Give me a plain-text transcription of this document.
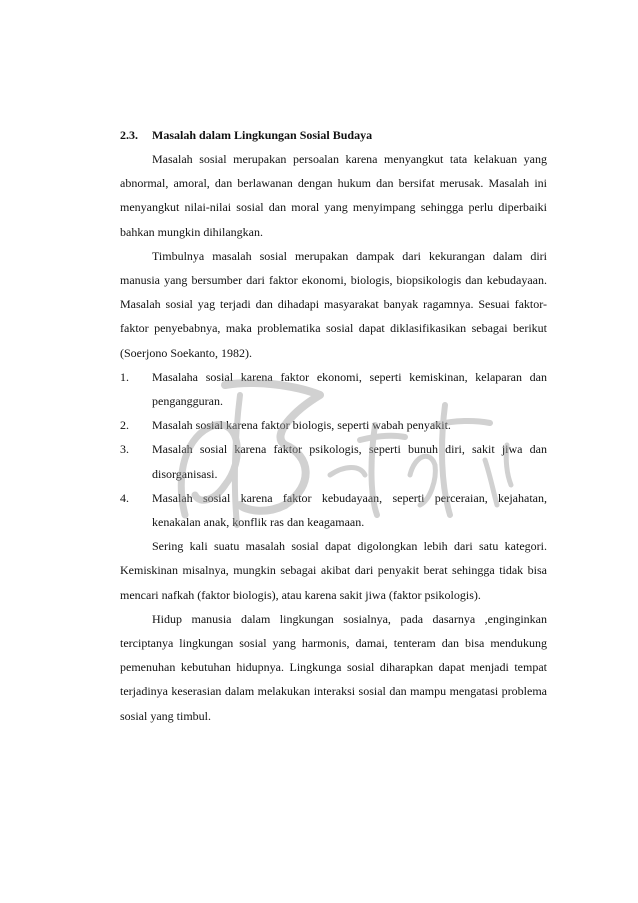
2.3.	Masalah dalam Lingkungan Sosial Budaya

Masalah sosial merupakan persoalan karena menyangkut tata kelakuan yang abnormal, amoral, dan berlawanan dengan hukum dan bersifat merusak. Masalah ini menyangkut nilai-nilai sosial dan moral yang menyimpang sehingga perlu diperbaiki bahkan mungkin dihilangkan.

Timbulnya masalah sosial merupakan dampak dari kekurangan dalam diri manusia yang bersumber dari faktor ekonomi, biologis, biopsikologis dan kebudayaan. Masalah sosial yag terjadi dan dihadapi masyarakat banyak ragamnya. Sesuai faktor-faktor penyebabnya, maka problematika sosial dapat diklasifikasikan sebagai berikut (Soerjono Soekanto, 1982).

1.	Masalaha sosial karena faktor ekonomi, seperti kemiskinan, kelaparan dan pengangguran.
2.	Masalah sosial karena faktor biologis, seperti wabah penyakit.
3.	Masalah sosial karena faktor psikologis, seperti bunuh diri, sakit jiwa dan disorganisasi.
4.	Masalah sosial karena faktor kebudayaan, seperti perceraian, kejahatan, kenakalan anak, konflik ras dan keagamaan.

Sering kali suatu masalah sosial dapat digolongkan lebih dari satu kategori. Kemiskinan misalnya, mungkin sebagai akibat dari penyakit berat sehingga tidak bisa mencari nafkah (faktor biologis), atau karena sakit jiwa (faktor psikologis).

Hidup manusia dalam lingkungan sosialnya, pada dasarnya ,enginginkan terciptanya lingkungan sosial yang harmonis, damai, tenteram dan bisa mendukung pemenuhan kebutuhan hidupnya. Lingkunga sosial diharapkan dapat menjadi tempat terjadinya keserasian dalam melakukan interaksi sosial dan mampu mengatasi problema sosial yang timbul.
